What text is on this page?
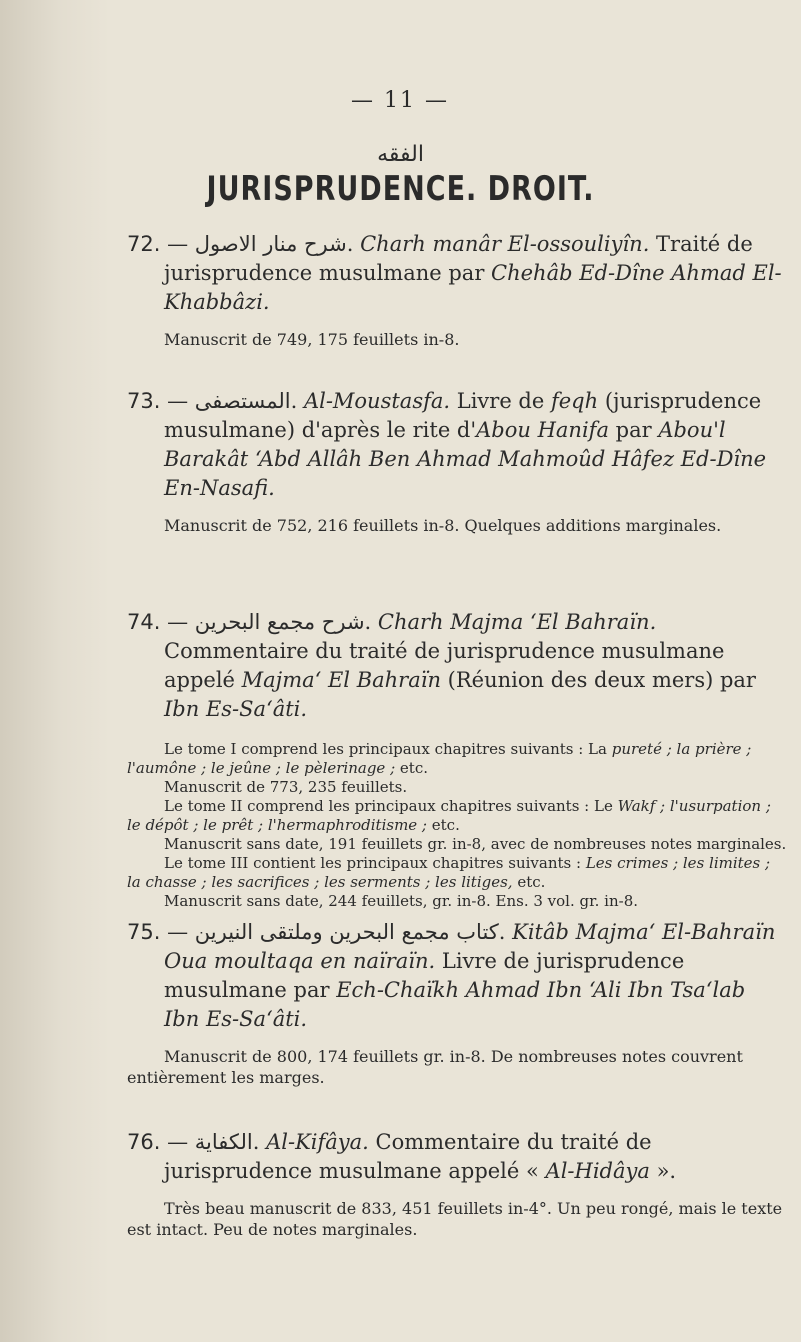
— 11 —
الفقه
JURISPRUDENCE. DROIT.

72. — شرح منار الاصول. Charh manâr El-ossouliyîn. Traité de jurisprudence musulmane par Chehâb Ed-Dîne Ahmad El-Khabbâzi.

Manuscrit de 749, 175 feuillets in-8.

73. — المستصفى. Al-Moustasfa. Livre de feqh (jurisprudence musulmane) d'après le rite d'Abou Hanifa par Abou'l Barakât ʻAbd Allâh Ben Ahmad Mahmoûd Hâfez Ed-Dîne En-Nasafi.

Manuscrit de 752, 216 feuillets in-8. Quelques additions marginales.

74. — شرح مجمع البحرين. Charh Majma ʻEl Bahraïn. Commentaire du traité de jurisprudence musulmane appelé Majmaʻ El Bahraïn (Réunion des deux mers) par Ibn Es-Saʻâti.

Le tome I comprend les principaux chapitres suivants : La pureté ; la prière ; l'aumône ; le jeûne ; le pèlerinage ; etc.

Manuscrit de 773, 235 feuillets.

Le tome II comprend les principaux chapitres suivants : Le Wakf ; l'usurpation ; le dépôt ; le prêt ; l'hermaphroditisme ; etc.

Manuscrit sans date, 191 feuillets gr. in-8, avec de nombreuses notes marginales.

Le tome III contient les principaux chapitres suivants : Les crimes ; les limites ; la chasse ; les sacrifices ; les serments ; les litiges, etc.

Manuscrit sans date, 244 feuillets, gr. in-8. Ens. 3 vol. gr. in-8.

75. — كتاب مجمع البحرين وملتقى النيرين. Kitâb Majmaʻ El-Bahraïn Oua moultaqa en naïraïn. Livre de jurisprudence musulmane par Ech-Chaïkh Ahmad Ibn ʻAli Ibn Tsaʻlab Ibn Es-Saʻâti.

Manuscrit de 800, 174 feuillets gr. in-8. De nombreuses notes couvrent entièrement les marges.

76. — الكفاية. Al-Kifâya. Commentaire du traité de jurisprudence musulmane appelé « Al-Hidâya ».

Très beau manuscrit de 833, 451 feuillets in-4°. Un peu rongé, mais le texte est intact. Peu de notes marginales.
